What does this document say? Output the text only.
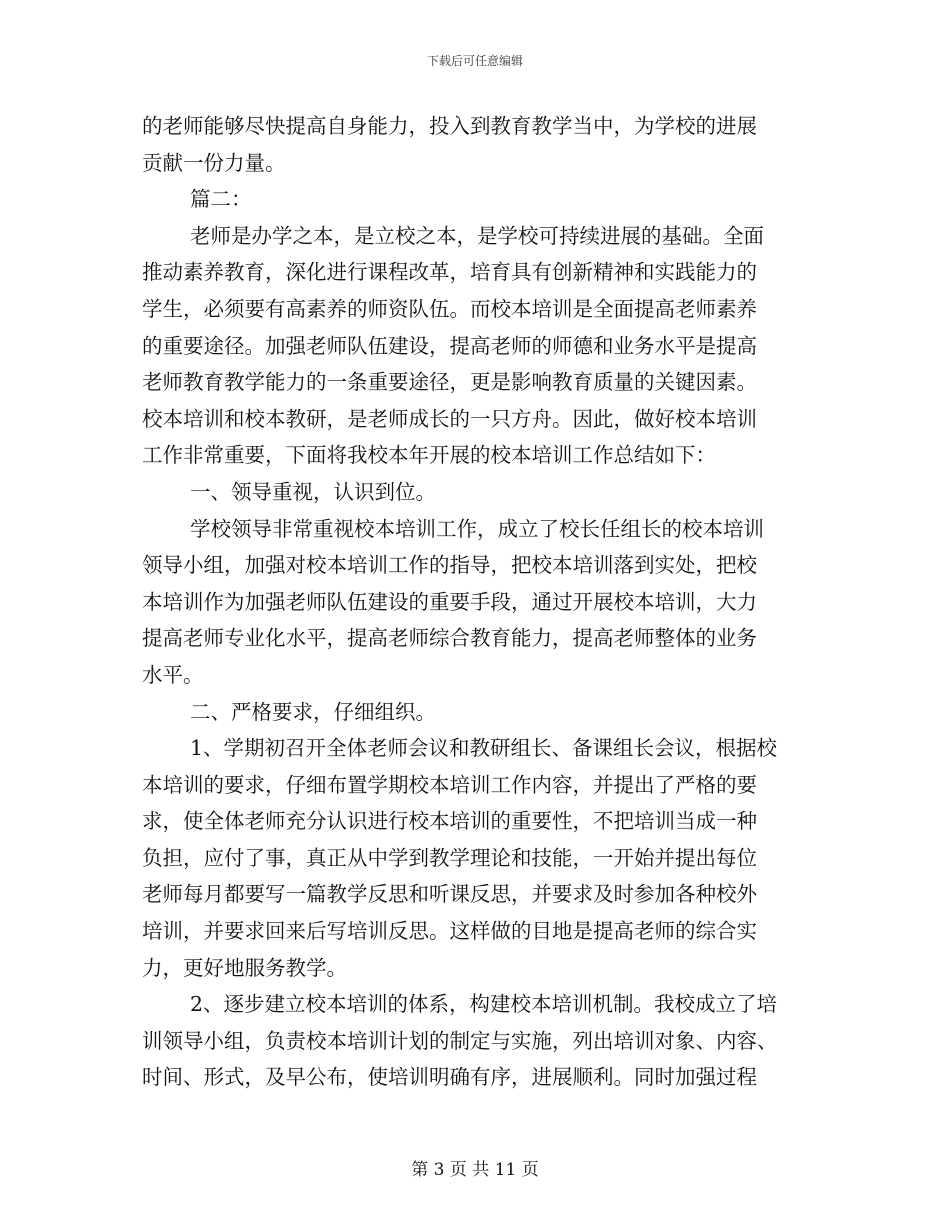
下载后可任意编辑
的老师能够尽快提高自身能力，投入到教育教学当中，为学校的进展
贡献一份力量。
篇二：
老师是办学之本，是立校之本，是学校可持续进展的基础。全面
推动素养教育，深化进行课程改革，培育具有创新精神和实践能力的
学生，必须要有高素养的师资队伍。而校本培训是全面提高老师素养
的重要途径。加强老师队伍建设，提高老师的师德和业务水平是提高
老师教育教学能力的一条重要途径，更是影响教育质量的关键因素。
校本培训和校本教研，是老师成长的一只方舟。因此，做好校本培训
工作非常重要，下面将我校本年开展的校本培训工作总结如下：
一、领导重视，认识到位。
学校领导非常重视校本培训工作，成立了校长任组长的校本培训
领导小组，加强对校本培训工作的指导，把校本培训落到实处，把校
本培训作为加强老师队伍建设的重要手段，通过开展校本培训，大力
提高老师专业化水平，提高老师综合教育能力，提高老师整体的业务
水平。
二、严格要求，仔细组织。
1、学期初召开全体老师会议和教研组长、备课组长会议，根据校
本培训的要求，仔细布置学期校本培训工作内容，并提出了严格的要
求，使全体老师充分认识进行校本培训的重要性，不把培训当成一种
负担，应付了事，真正从中学到教学理论和技能，一开始并提出每位
老师每月都要写一篇教学反思和听课反思，并要求及时参加各种校外
培训，并要求回来后写培训反思。这样做的目地是提高老师的综合实
力，更好地服务教学。
2、逐步建立校本培训的体系，构建校本培训机制。我校成立了培
训领导小组，负责校本培训计划的制定与实施，列出培训对象、内容、
时间、形式，及早公布，使培训明确有序，进展顺利。同时加强过程
第 3 页 共 11 页
